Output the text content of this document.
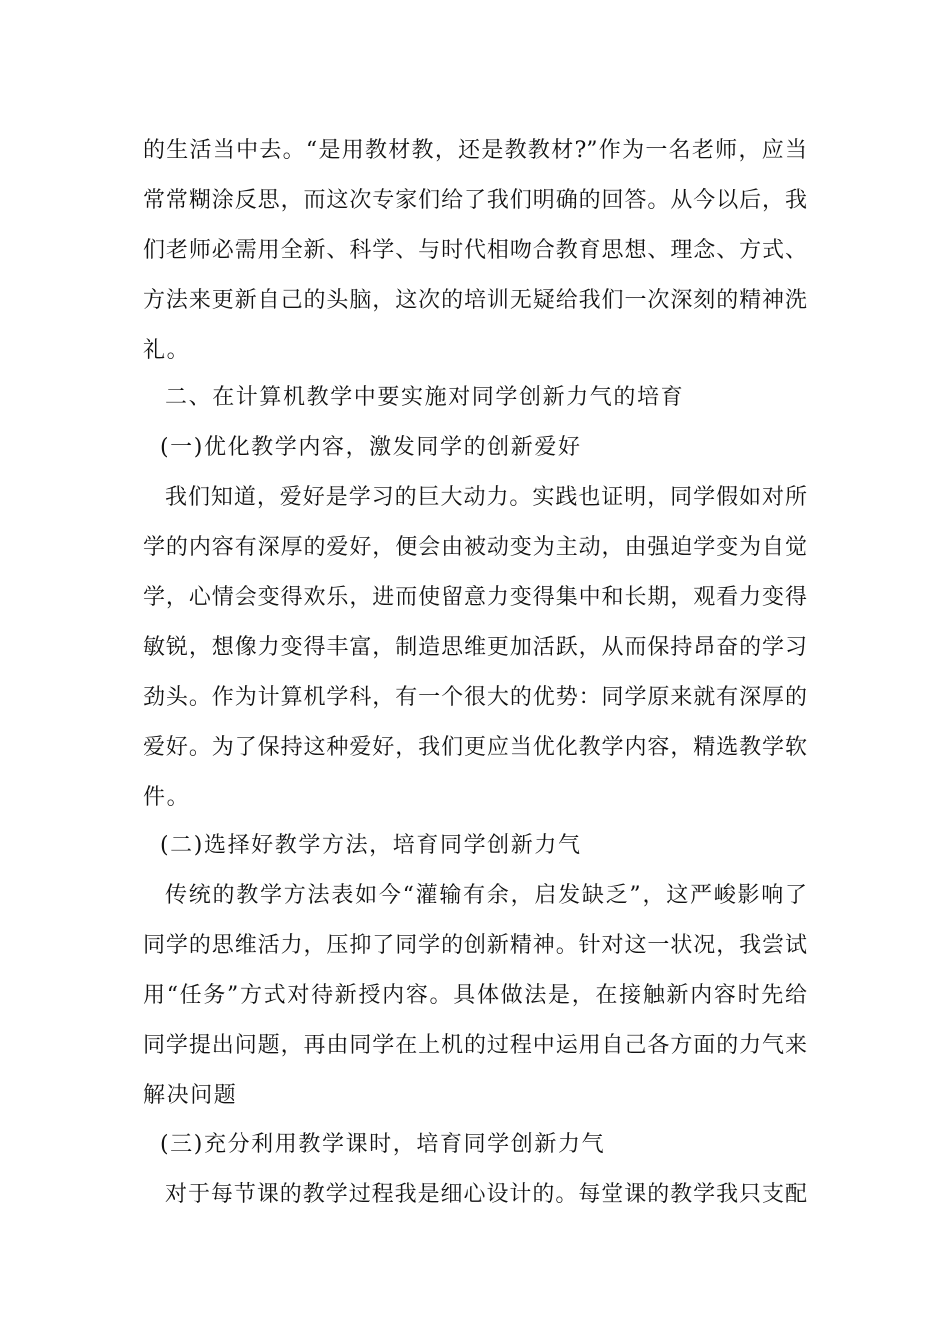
的生活当中去。“是用教材教，还是教教材?”作为一名老师，应当
常常糊涂反思，而这次专家们给了我们明确的回答。从今以后，我
们老师必需用全新、科学、与时代相吻合教育思想、理念、方式、
方法来更新自己的头脑，这次的培训无疑给我们一次深刻的精神洗
礼。
二、在计算机教学中要实施对同学创新力气的培育
(一)优化教学内容，激发同学的创新爱好
我们知道，爱好是学习的巨大动力。实践也证明，同学假如对所
学的内容有深厚的爱好，便会由被动变为主动，由强迫学变为自觉
学，心情会变得欢乐，进而使留意力变得集中和长期，观看力变得
敏锐，想像力变得丰富，制造思维更加活跃，从而保持昂奋的学习
劲头。作为计算机学科，有一个很大的优势：同学原来就有深厚的
爱好。为了保持这种爱好，我们更应当优化教学内容，精选教学软
件。
(二)选择好教学方法，培育同学创新力气
传统的教学方法表如今“灌输有余，启发缺乏”，这严峻影响了
同学的思维活力，压抑了同学的创新精神。针对这一状况，我尝试
用“任务”方式对待新授内容。具体做法是，在接触新内容时先给
同学提出问题，再由同学在上机的过程中运用自己各方面的力气来
解决问题
(三)充分利用教学课时，培育同学创新力气
对于每节课的教学过程我是细心设计的。每堂课的教学我只支配
